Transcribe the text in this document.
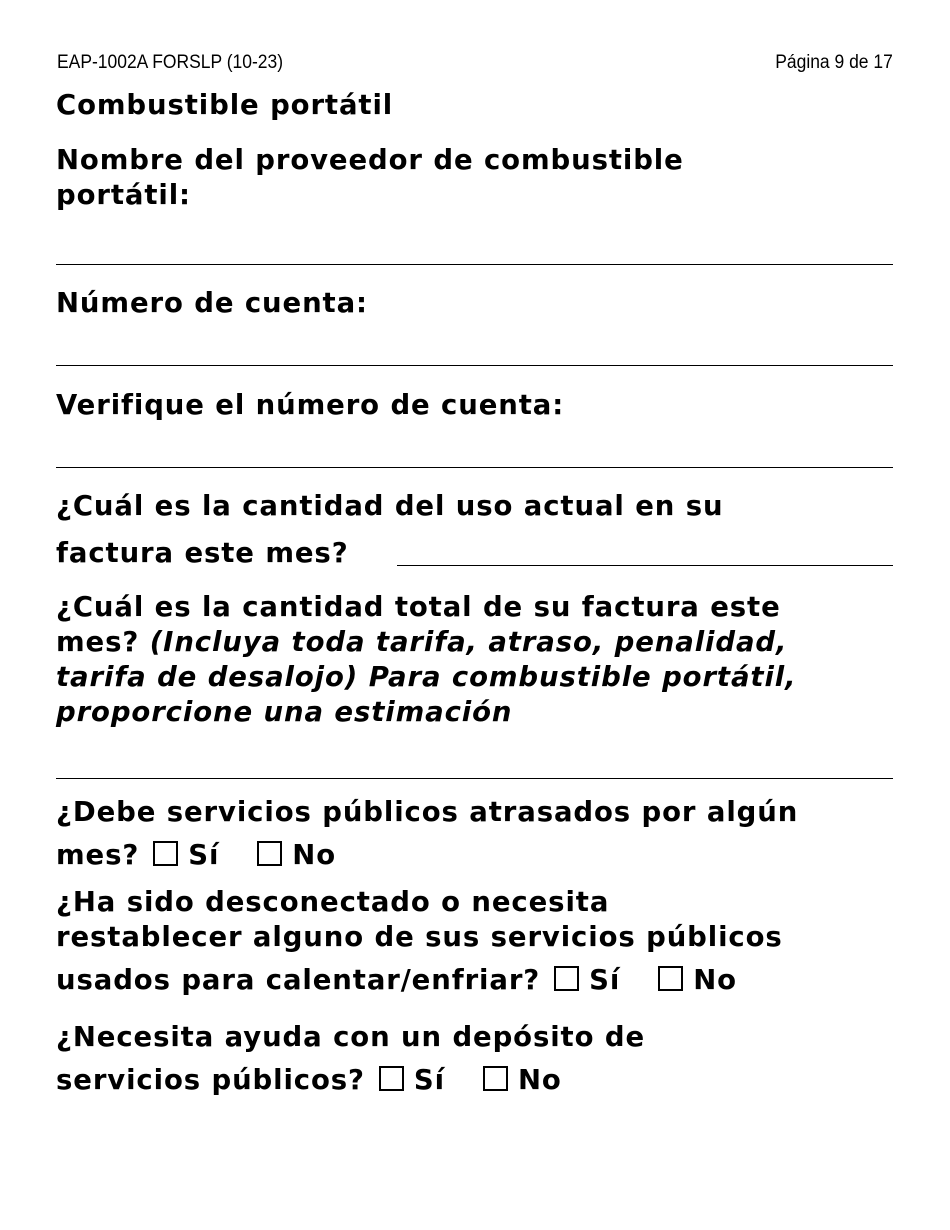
EAP-1002A FORSLP (10-23)	Página 9 de 17
Combustible portátil
Nombre del proveedor de combustible
portátil:
Número de cuenta:
Verifique el número de cuenta:
¿Cuál es la cantidad del uso actual en su
factura este mes?
¿Cuál es la cantidad total de su factura este
mes? (Incluya toda tarifa, atraso, penalidad,
tarifa de desalojo) Para combustible portátil,
proporcione una estimación
¿Debe servicios públicos atrasados por algún
mes? Sí	No
¿Ha sido desconectado o necesita
restablecer alguno de sus servicios públicos
usados para calentar/enfriar? Sí	No
¿Necesita ayuda con un depósito de
servicios públicos? Sí	No
